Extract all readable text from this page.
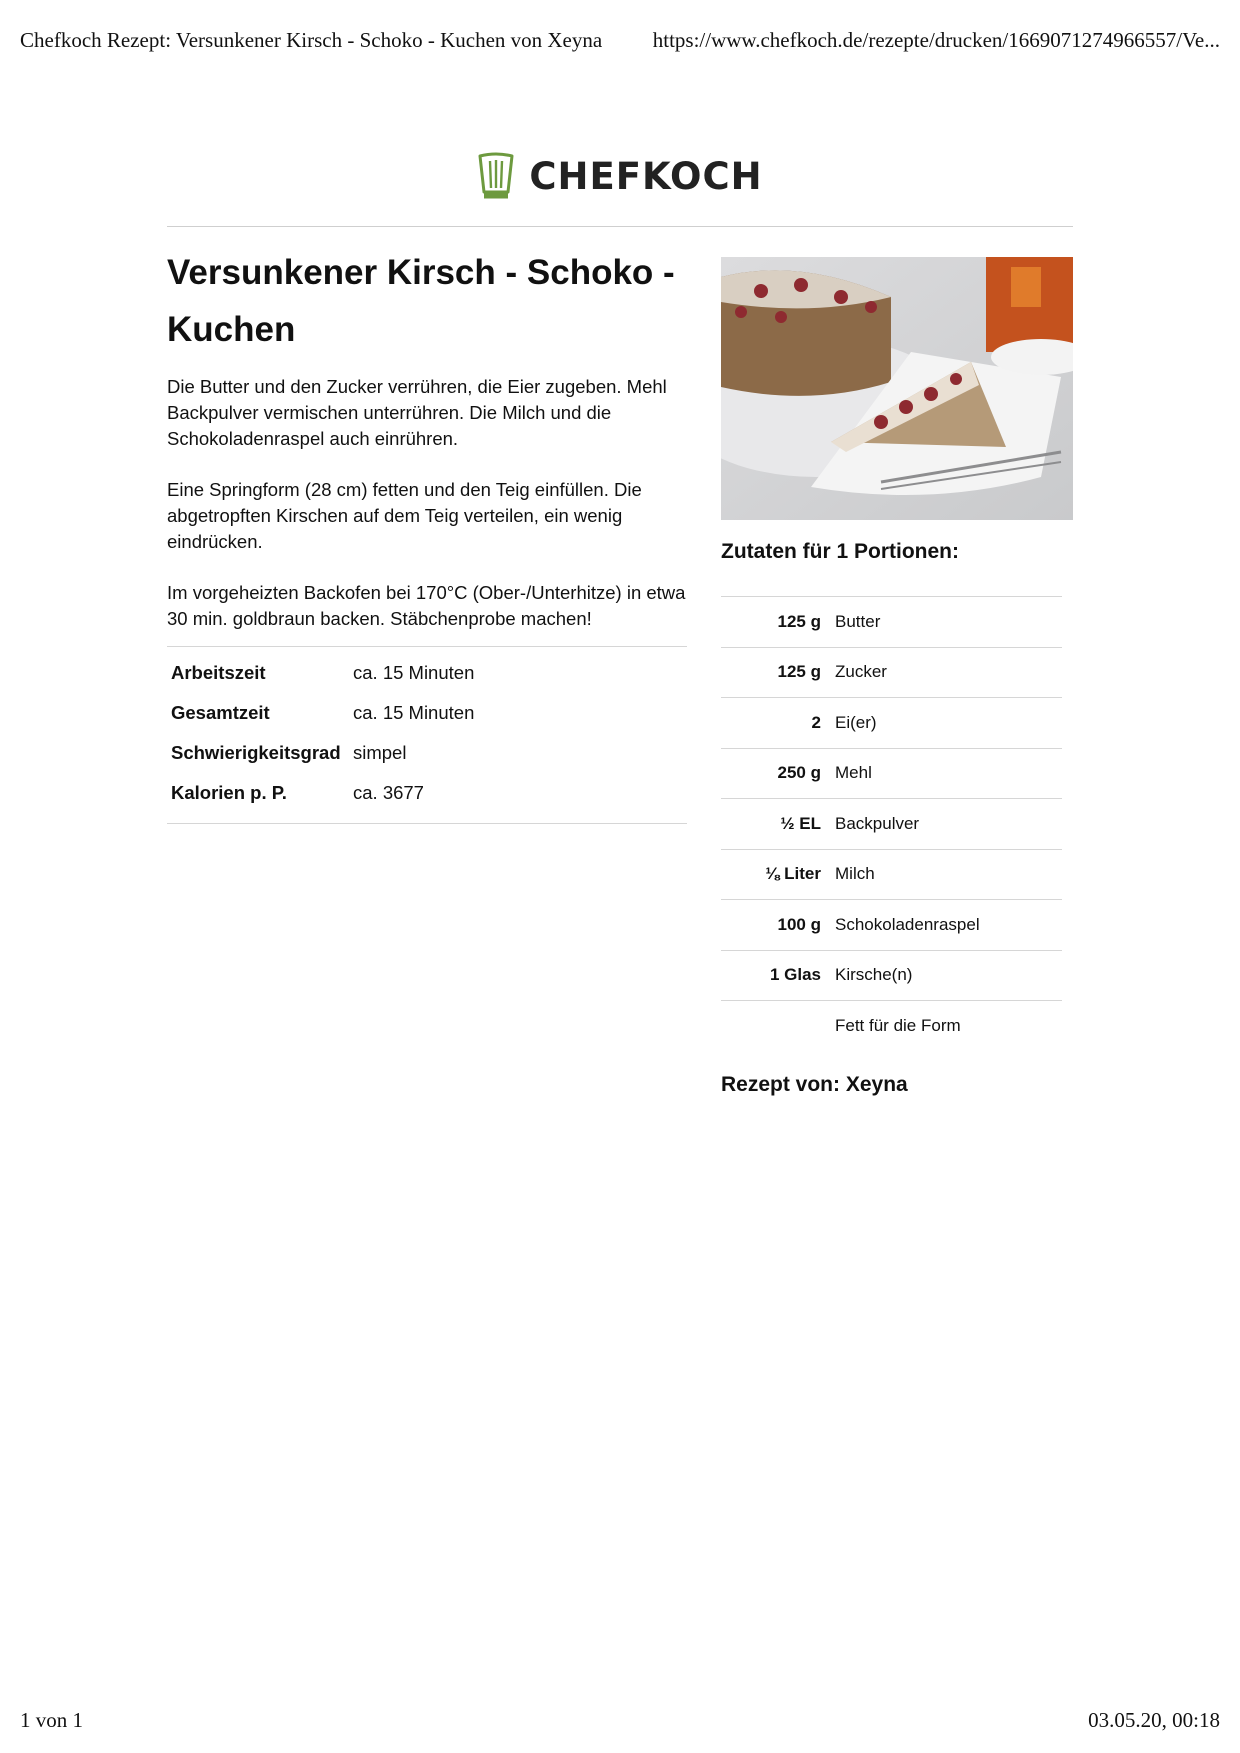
Chefkoch Rezept: Versunkener Kirsch - Schoko - Kuchen von Xeyna https://www.chefkoch.de/rezepte/drucken/1669071274966557/Ve...
CHEFKOCH
Versunkener Kirsch - Schoko - Kuchen

Die Butter und den Zucker verrühren, die Eier zugeben. Mehl Backpulver vermischen unterrühren. Die Milch und die Schokoladenraspel auch einrühren.

Eine Springform (28 cm) fetten und den Teig einfüllen. Die abgetropften Kirschen auf dem Teig verteilen, ein wenig eindrücken.

Im vorgeheizten Backofen bei 170°C (Ober-/Unterhitze) in etwa 30 min. goldbraun backen. Stäbchenprobe machen!

Arbeitszeit	ca. 15 Minuten
Gesamtzeit	ca. 15 Minuten
Schwierigkeitsgrad	simpel
Kalorien p. P.	ca. 3677
Zutaten für 1 Portionen:
125 g Butter
125 g Zucker
2 Ei(er)
250 g Mehl
½ EL Backpulver
⅛ Liter Milch
100 g Schokoladenraspel
1 Glas Kirsche(n)
Fett für die Form
Rezept von: Xeyna
1 von 1	03.05.20, 00:18
